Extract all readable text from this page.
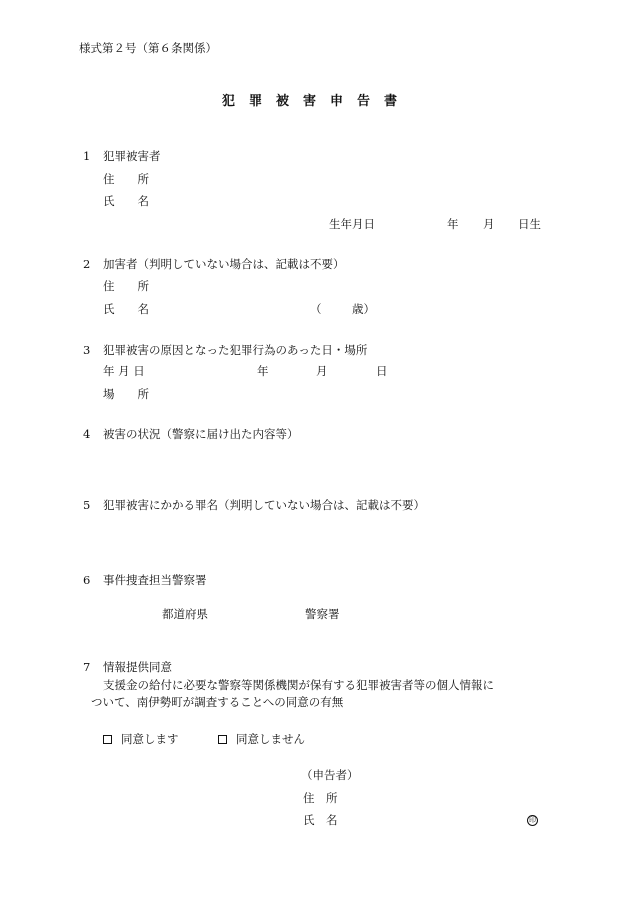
様式第２号（第６条関係）
犯罪被害申告書
1 犯罪被害者
住　　所
氏　　名
生年月日	年 月 日生
2 加害者（判明していない場合は、記載は不要）
住　　所
氏　　名	（	歳）
3 犯罪被害の原因となった犯罪行為のあった日・場所
年 月 日	年	月	日
場　　所
4 被害の状況（警察に届け出た内容等）
5 犯罪被害にかかる罪名（判明していない場合は、記載は不要）
6 事件捜査担当警察署
都道府県	警察署
7 情報提供同意
支援金の給付に必要な警察等関係機関が保有する犯罪被害者等の個人情報に
ついて、南伊勢町が調査することへの同意の有無
同意します	同意しません
（申告者）
住　所
氏　名	印
